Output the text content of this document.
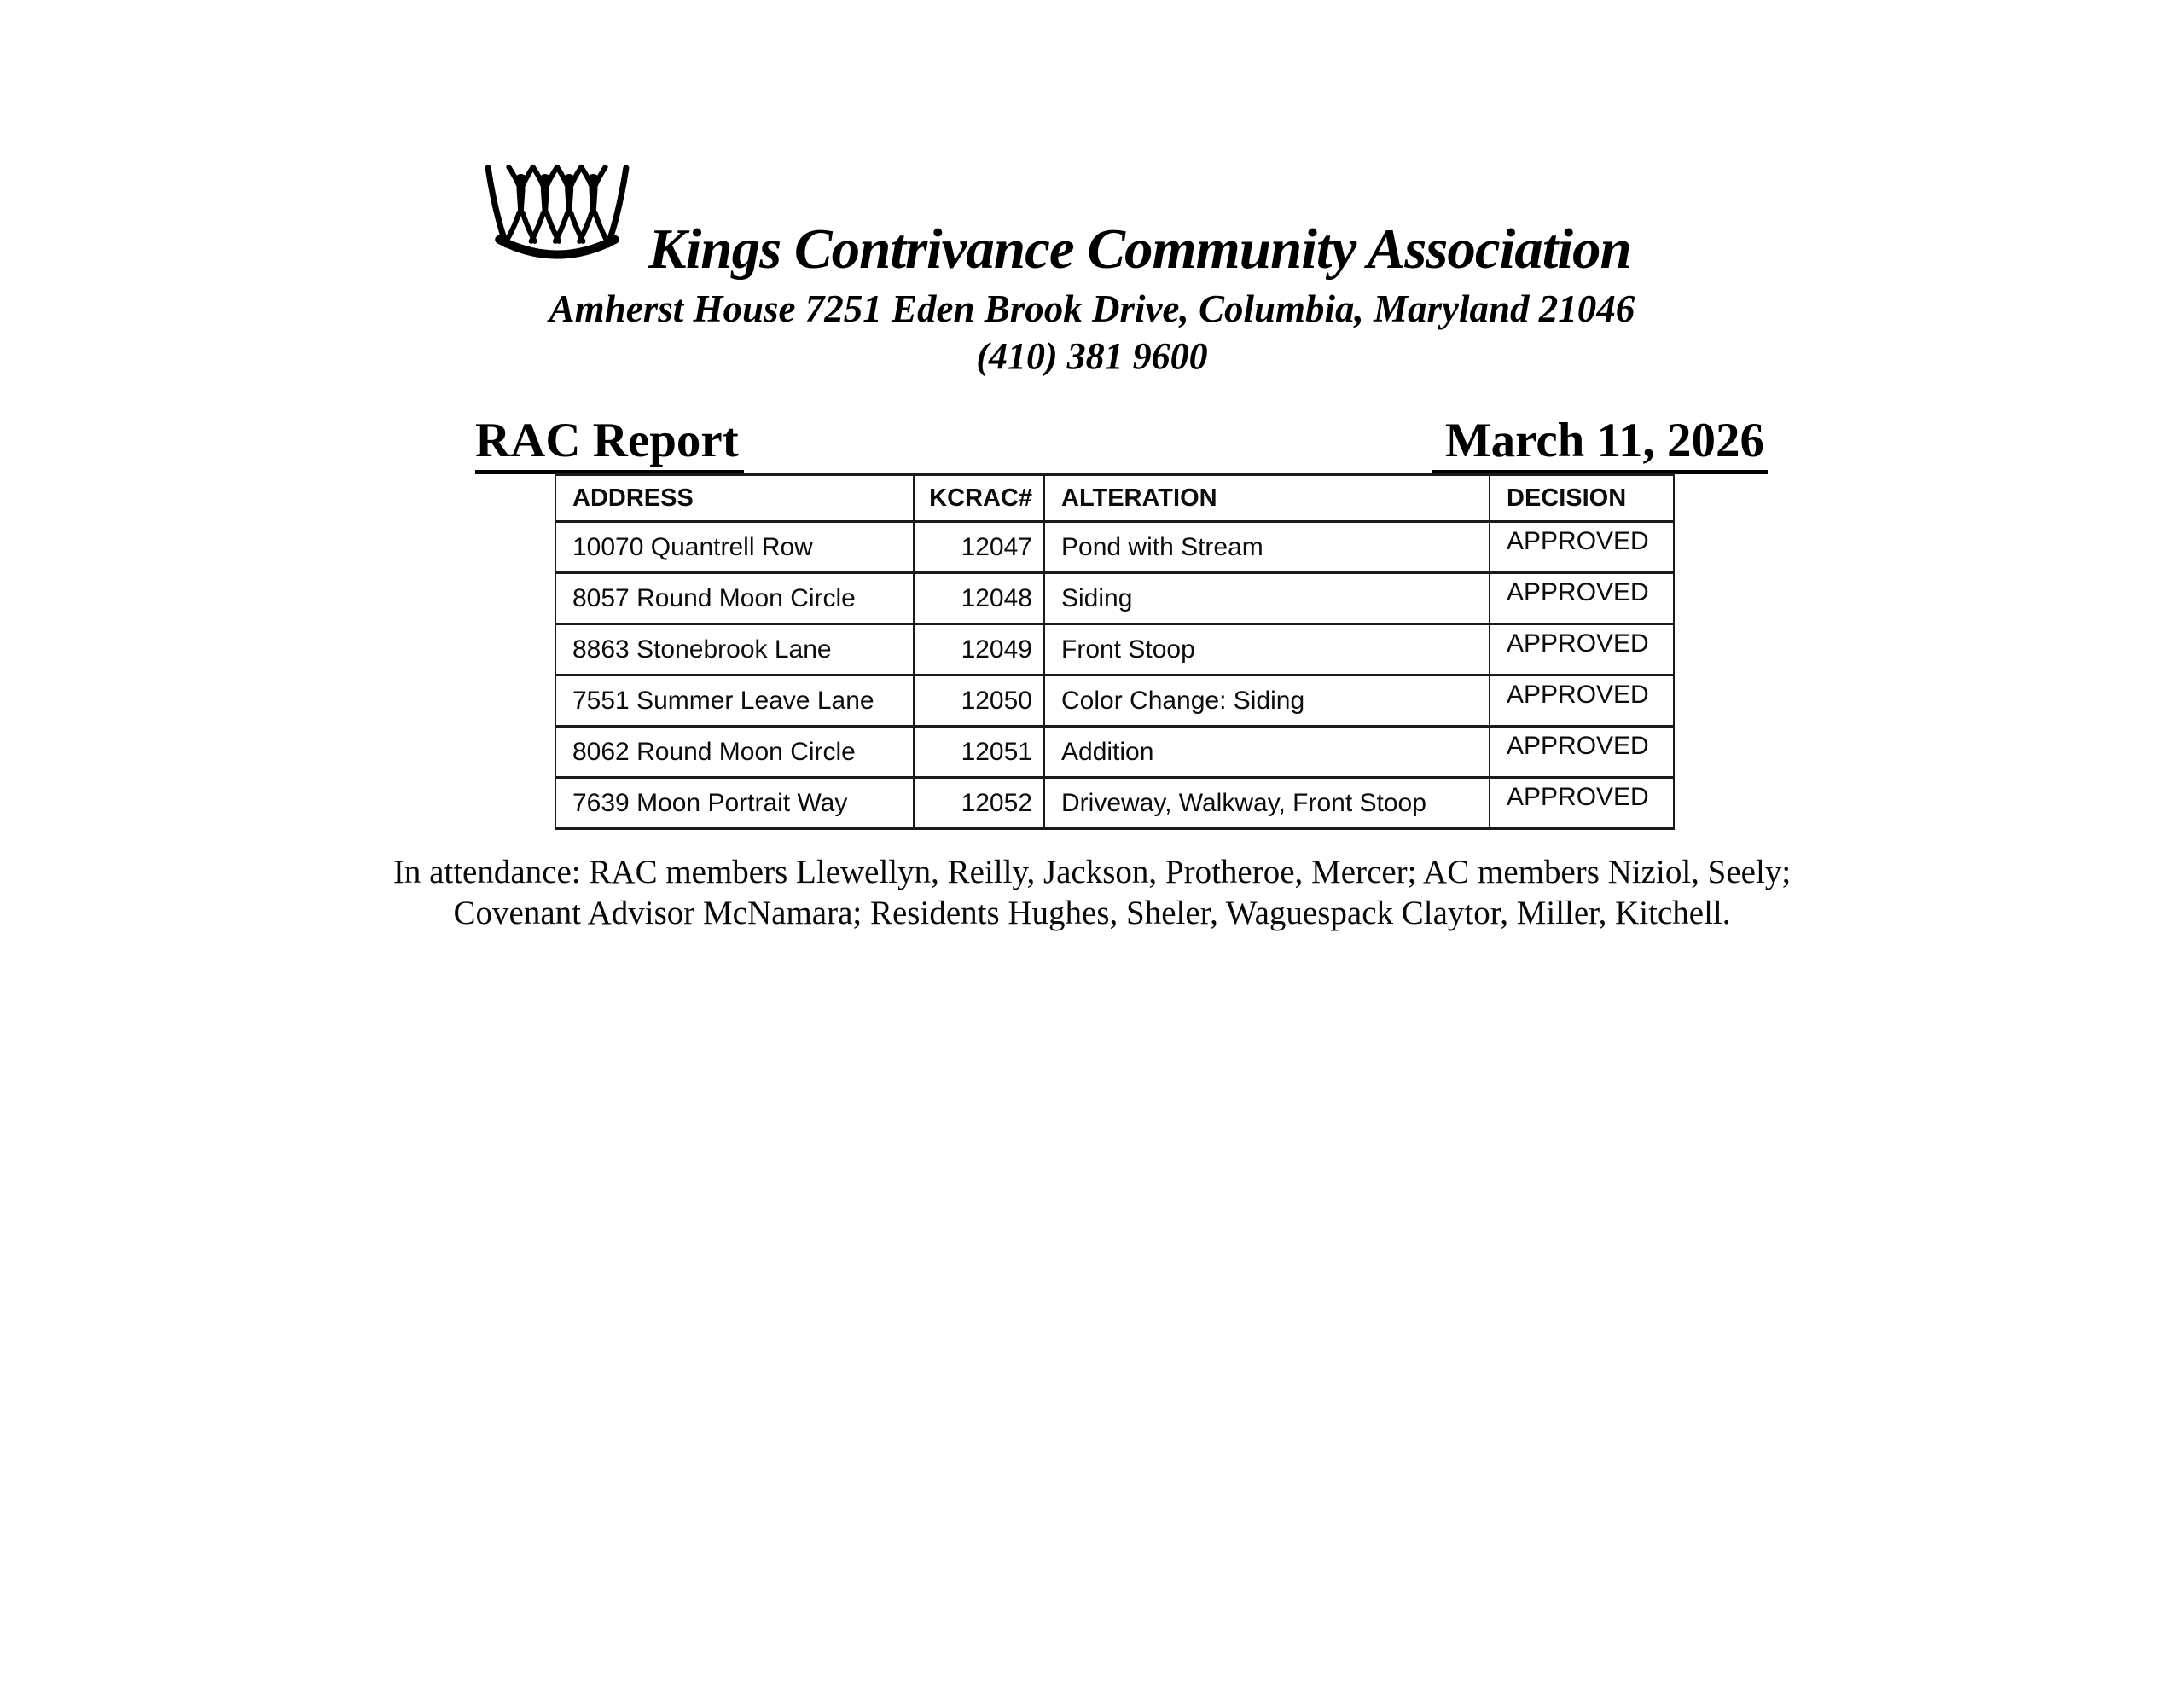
Kings Contrivance Community Association
Amherst House 7251 Eden Brook Drive, Columbia, Maryland 21046
(410) 381 9600
RAC Report	March 11, 2026
ADDRESS	KCRAC#	ALTERATION	DECISION
10070 Quantrell Row	12047	Pond with Stream	APPROVED
8057 Round Moon Circle	12048	Siding	APPROVED
8863 Stonebrook Lane	12049	Front Stoop	APPROVED
7551 Summer Leave Lane	12050	Color Change: Siding	APPROVED
8062 Round Moon Circle	12051	Addition	APPROVED
7639 Moon Portrait Way	12052	Driveway, Walkway, Front Stoop	APPROVED
In attendance: RAC members Llewellyn, Reilly, Jackson, Protheroe, Mercer; AC members Niziol, Seely; Covenant Advisor McNamara; Residents Hughes, Sheler, Waguespack Claytor, Miller, Kitchell.
